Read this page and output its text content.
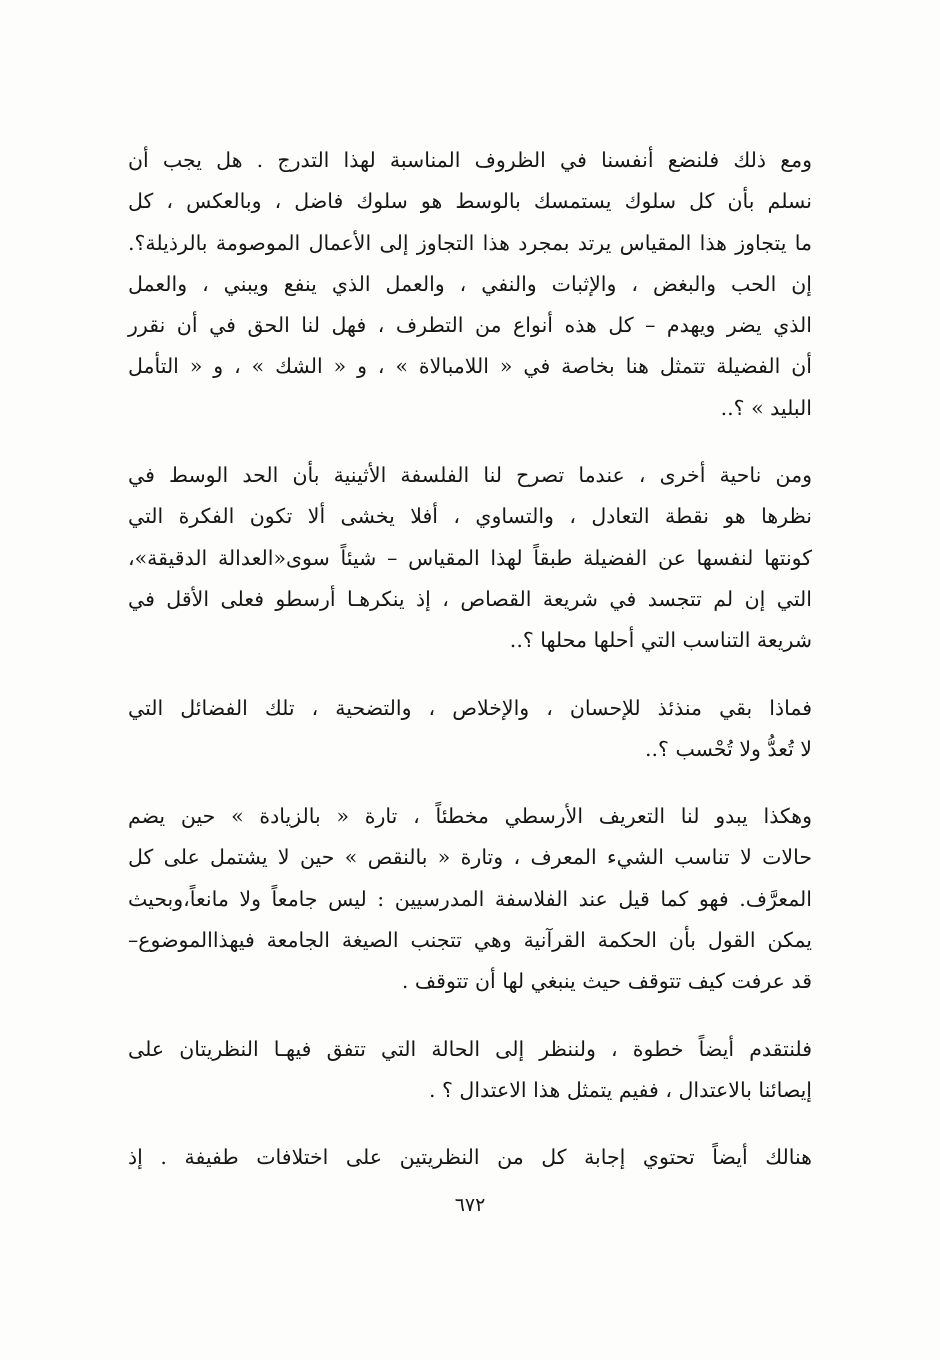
ومع ذلك فلنضع أنفسنا في الظروف المناسبة لهذا التدرج . هل يجب أن
نسلم بأن كل سلوك يستمسك بالوسط هو سلوك فاضل ، وبالعكس ، كل
ما يتجاوز هذا المقياس يرتد بمجرد هذا التجاوز إلى الأعمال الموصومة بالرذيلة؟.
إن الحب والبغض ، والإثبات والنفي ، والعمل الذي ينفع ويبني ، والعمل
الذي يضر ويهدم – كل هذه أنواع من التطرف ، فهل لنا الحق في أن نقرر
أن الفضيلة تتمثل هنا بخاصة في « اللامبالاة » ، و « الشك » ، و « التأمل
البليد » ؟..
ومن ناحية أخرى ، عندما تصرح لنا الفلسفة الأثينية بأن الحد الوسط في
نظرها هو نقطة التعادل ، والتساوي ، أفلا يخشى ألا تكون الفكرة التي
كونتها لنفسها عن الفضيلة طبقاً لهذا المقياس – شيئاً سوى«العدالة الدقيقة»،
التي إن لم تتجسد في شريعة القصاص ، إذ ينكرهـا أرسطو فعلى الأقل في
شريعة التناسب التي أحلها محلها ؟..
فماذا بقي منذئذ للإحسان ، والإخلاص ، والتضحية ، تلك الفضائل التي
لا تُعدُّ ولا تُحْسب ؟..
وهكذا يبدو لنا التعريف الأرسطي مخطئاً ، تارة « بالزيادة » حين يضم
حالات لا تناسب الشيء المعرف ، وتارة « بالنقص » حين لا يشتمل على كل
المعرَّف. فهو كما قيل عند الفلاسفة المدرسيين : ليس جامعاً ولا مانعاً،وبحيث
يمكن القول بأن الحكمة القرآنية وهي تتجنب الصيغة الجامعة فيهذاالموضوع–
قد عرفت كيف تتوقف حيث ينبغي لها أن تتوقف .
فلنتقدم أيضاً خطوة ، ولننظر إلى الحالة التي تتفق فيهـا النظريتان على
إيصائنا بالاعتدال ، ففيم يتمثل هذا الاعتدال ؟ .
هنالك أيضاً تحتوي إجابة كل من النظريتين على اختلافات طفيفة . إذ
٦٧٢
